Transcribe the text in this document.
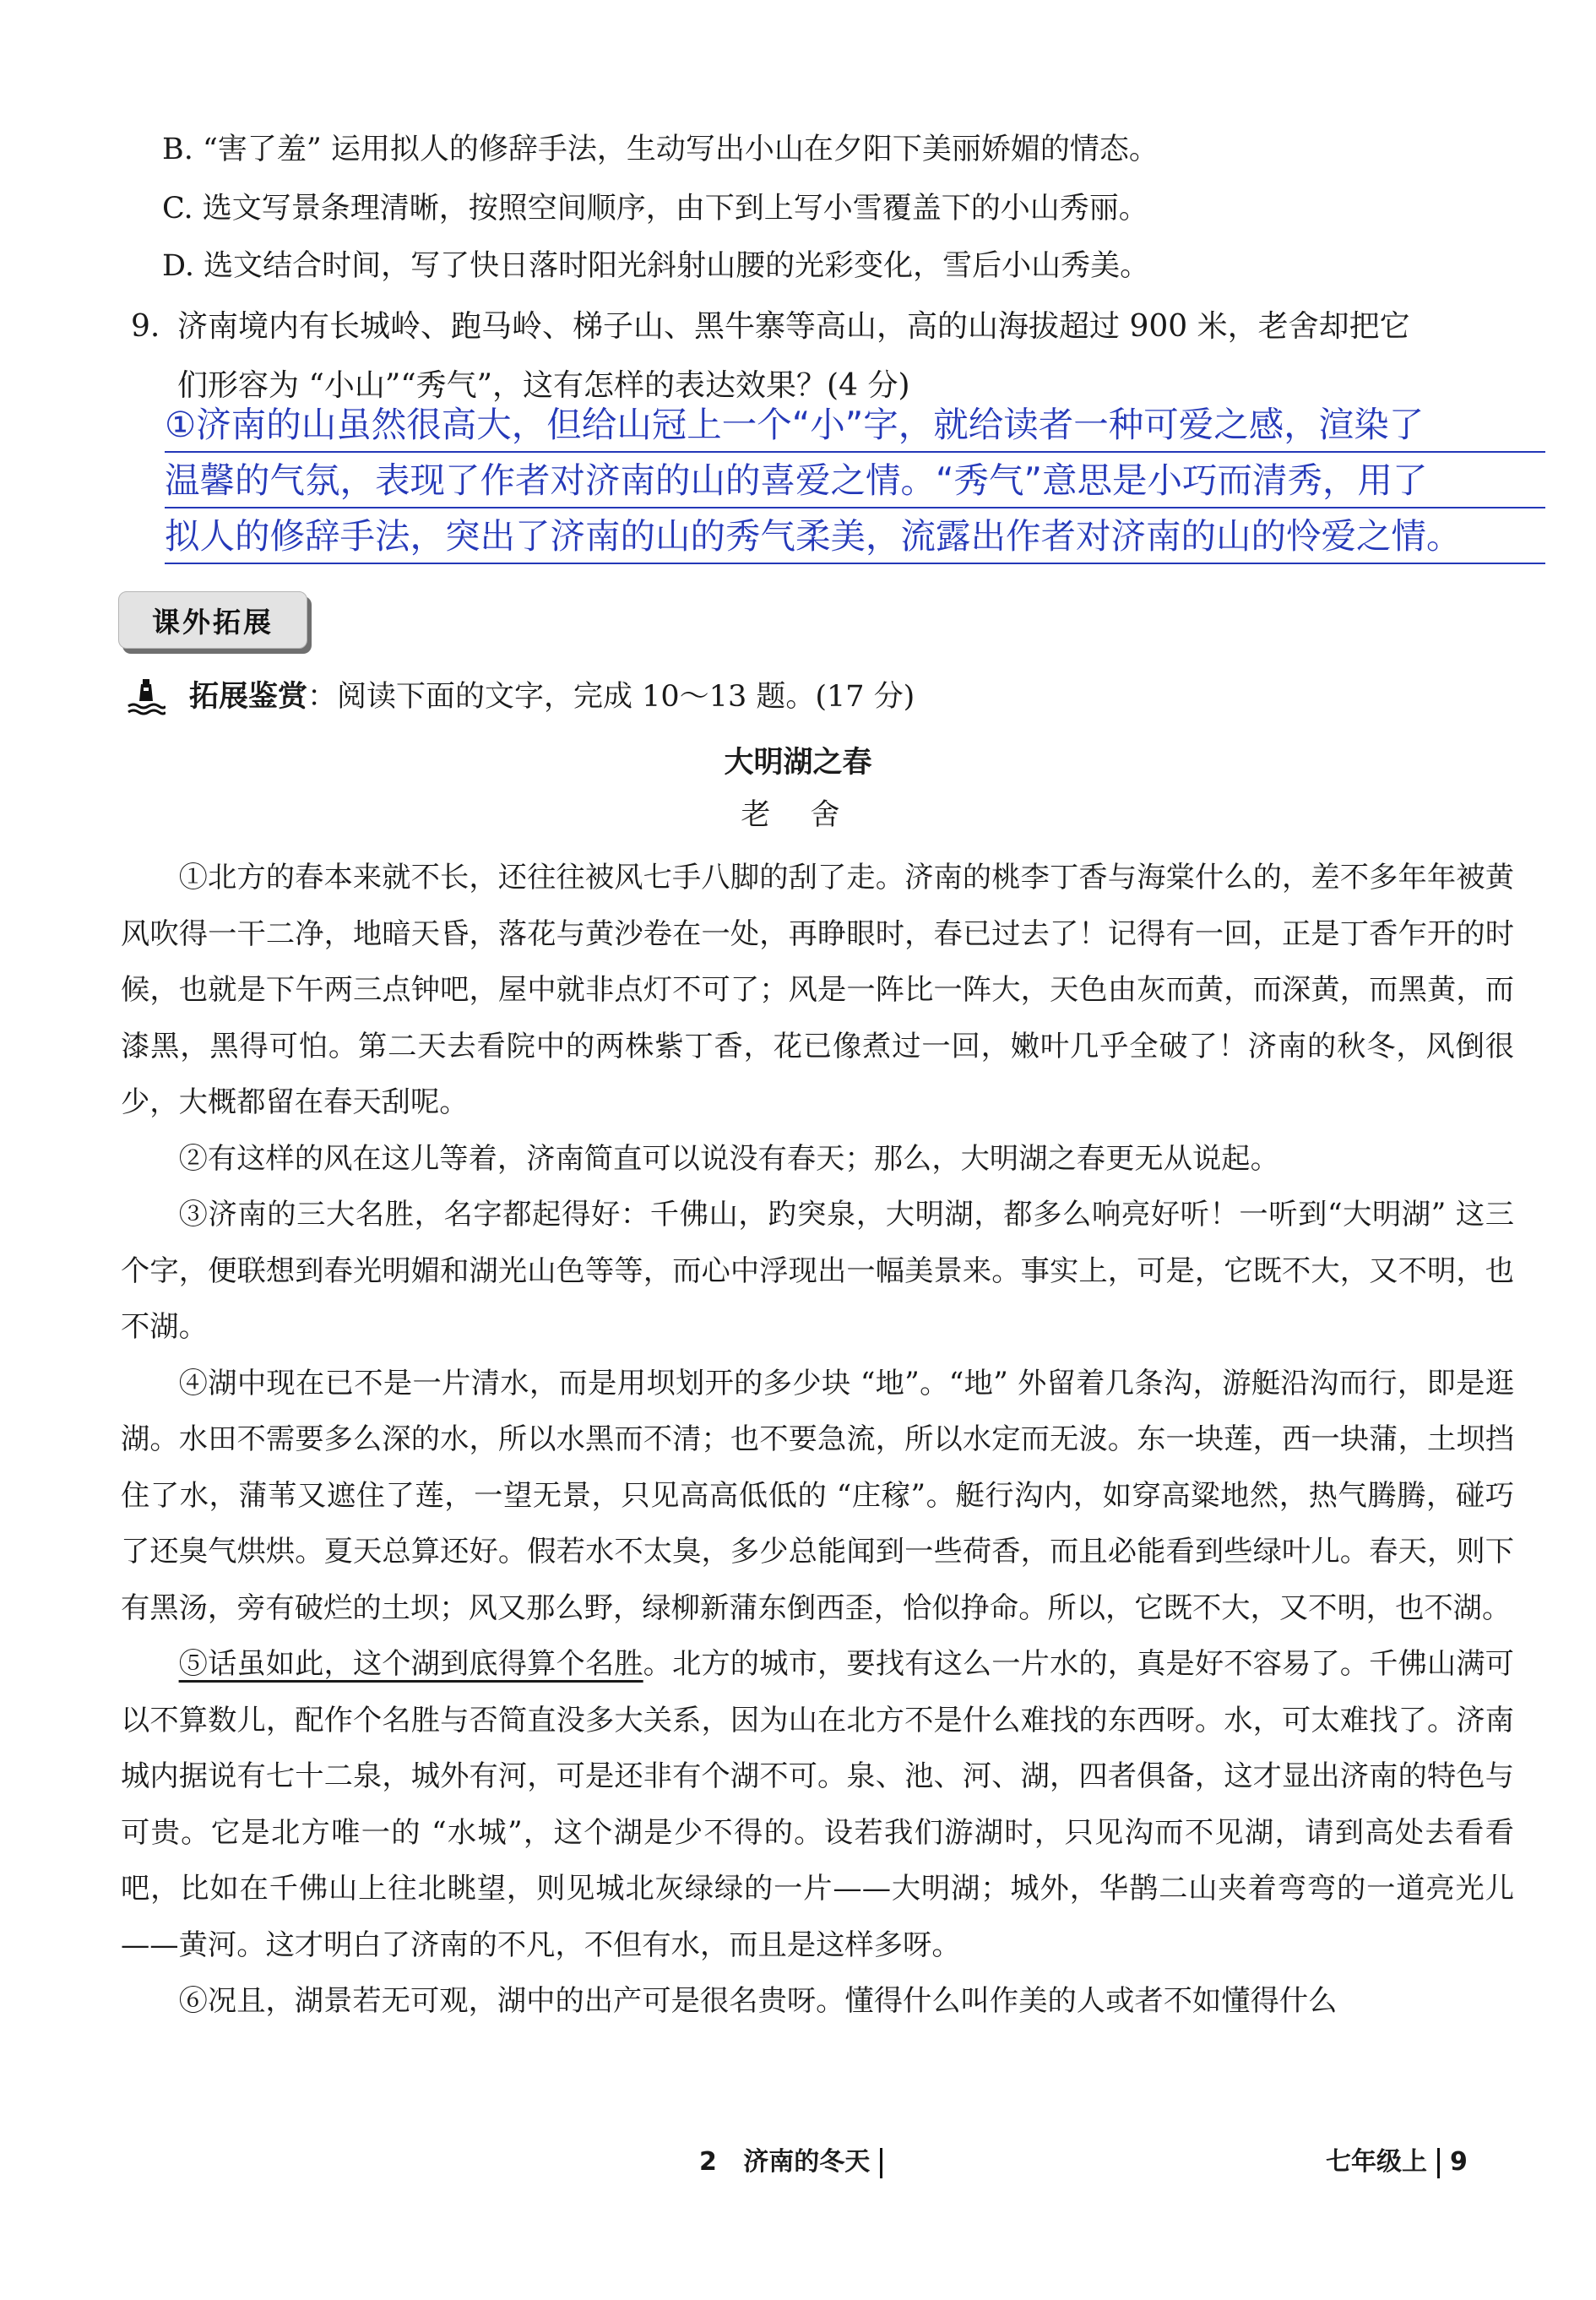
B. “害了羞” 运用拟人的修辞手法，生动写出小山在夕阳下美丽娇媚的情态。
C. 选文写景条理清晰，按照空间顺序，由下到上写小雪覆盖下的小山秀丽。
D. 选文结合时间，写了快日落时阳光斜射山腰的光彩变化，雪后小山秀美。
9. 济南境内有长城岭、跑马岭、梯子山、黑牛寨等高山，高的山海拔超过 900 米，老舍却把它
们形容为 “小山”“秀气”，这有怎样的表达效果？(4 分)
①济南的山虽然很高大，但给山冠上一个“小”字，就给读者一种可爱之感，渲染了
温馨的气氛，表现了作者对济南的山的喜爱之情。“秀气”意思是小巧而清秀，用了
拟人的修辞手法，突出了济南的山的秀气柔美，流露出作者对济南的山的怜爱之情。
课外拓展
拓展鉴赏 ：阅读下面的文字，完成 10～13 题。(17 分)
大明湖之春
老 舍

①北方的春本来就不长，还往往被风七手八脚的刮了走。济南的桃李丁香与海棠什么的，差不多年年被黄风吹得一干二净，地暗天昏，落花与黄沙卷在一处，再睁眼时，春已过去了！记得有一回，正是丁香乍开的时候，也就是下午两三点钟吧，屋中就非点灯不可了；风是一阵比一阵大，天色由灰而黄，而深黄，而黑黄，而漆黑，黑得可怕。第二天去看院中的两株紫丁香，花已像煮过一回，嫩叶几乎全破了！济南的秋冬，风倒很少，大概都留在春天刮呢。

②有这样的风在这儿等着，济南简直可以说没有春天；那么，大明湖之春更无从说起。

③济南的三大名胜，名字都起得好：千佛山，趵突泉，大明湖，都多么响亮好听！一听到“大明湖” 这三个字，便联想到春光明媚和湖光山色等等，而心中浮现出一幅美景来。事实上，可是，它既不大，又不明，也不湖。

④湖中现在已不是一片清水，而是用坝划开的多少块 “地”。“地” 外留着几条沟，游艇沿沟而行，即是逛湖。水田不需要多么深的水，所以水黑而不清；也不要急流，所以水定而无波。东一块莲，西一块蒲，土坝挡住了水，蒲苇又遮住了莲，一望无景，只见高高低低的 “庄稼”。艇行沟内，如穿高粱地然，热气腾腾，碰巧了还臭气烘烘。夏天总算还好。假若水不太臭，多少总能闻到一些荷香，而且必能看到些绿叶儿。春天，则下有黑汤，旁有破烂的土坝；风又那么野，绿柳新蒲东倒西歪，恰似挣命。所以，它既不大，又不明，也不湖。

⑤话虽如此，这个湖到底得算个名胜。北方的城市，要找有这么一片水的，真是好不容易了。千佛山满可以不算数儿，配作个名胜与否简直没多大关系，因为山在北方不是什么难找的东西呀。水，可太难找了。济南城内据说有七十二泉，城外有河，可是还非有个湖不可。泉、池、河、湖，四者俱备，这才显出济南的特色与可贵。它是北方唯一的 “水城”，这个湖是少不得的。设若我们游湖时，只见沟而不见湖，请到高处去看看吧，比如在千佛山上往北眺望，则见城北灰绿绿的一片——大明湖；城外，华鹊二山夹着弯弯的一道亮光儿——黄河。这才明白了济南的不凡，不但有水，而且是这样多呀。

⑥况且，湖景若无可观，湖中的出产可是很名贵呀。懂得什么叫作美的人或者不如懂得什么

2 济南的冬天	七年级上 9
